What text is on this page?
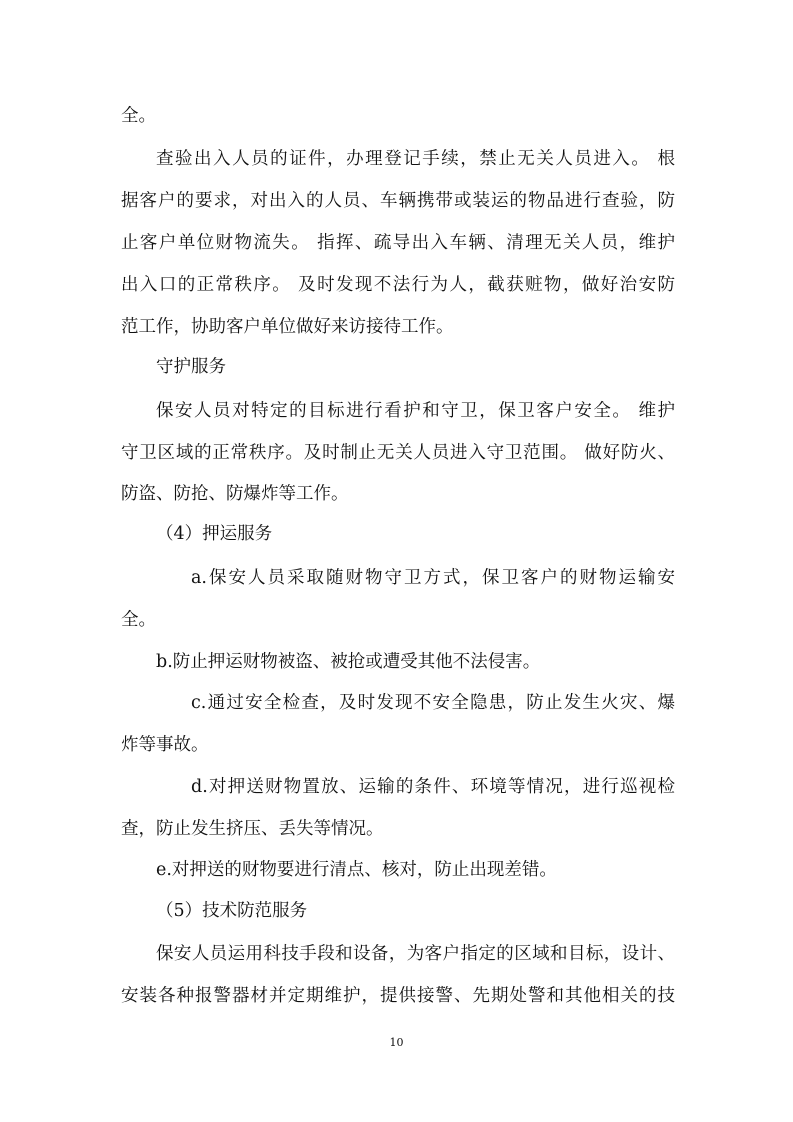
全。
查验出入人员的证件，办理登记手续，禁止无关人员进入。 根
据客户的要求，对出入的人员、车辆携带或装运的物品进行查验，防
止客户单位财物流失。 指挥、疏导出入车辆、清理无关人员，维护
出入口的正常秩序。 及时发现不法行为人，截获赃物，做好治安防
范工作，协助客户单位做好来访接待工作。
守护服务
保安人员对特定的目标进行看护和守卫，保卫客户安全。 维护
守卫区域的正常秩序。及时制止无关人员进入守卫范围。 做好防火、
防盗、防抢、防爆炸等工作。
（4）押运服务
a.保安人员采取随财物守卫方式，保卫客户的财物运输安
全。
b.防止押运财物被盗、被抢或遭受其他不法侵害。
c.通过安全检查，及时发现不安全隐患，防止发生火灾、爆
炸等事故。
d.对押送财物置放、运输的条件、环境等情况，进行巡视检
查，防止发生挤压、丢失等情况。
e.对押送的财物要进行清点、核对，防止出现差错。
（5）技术防范服务
保安人员运用科技手段和设备，为客户指定的区域和目标，设计、
安装各种报警器材并定期维护，提供接警、先期处警和其他相关的技
10
